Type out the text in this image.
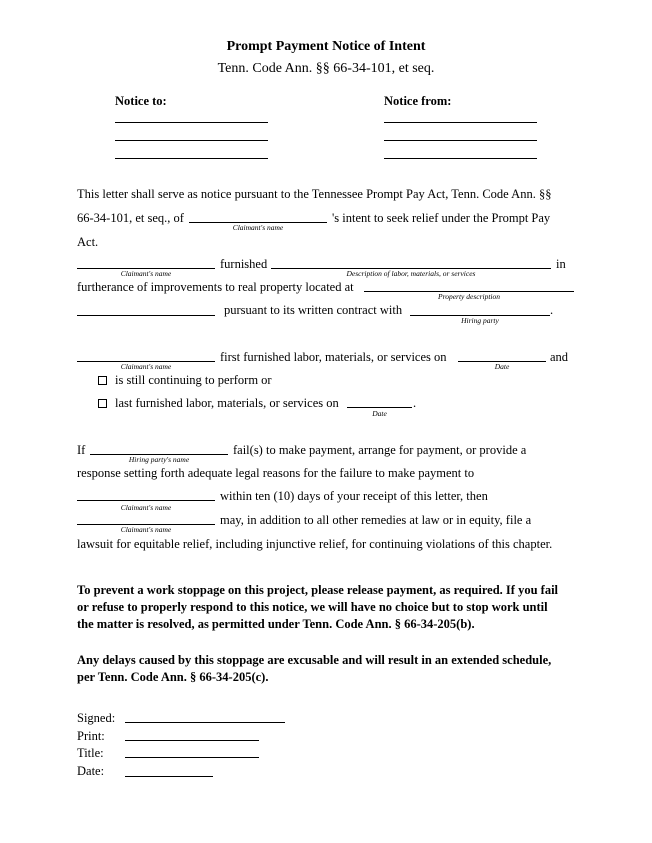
Prompt Payment Notice of Intent
Tenn. Code Ann. §§ 66-34-101, et seq.
Notice to:	Notice from:
This letter shall serve as notice pursuant to the Tennessee Prompt Pay Act, Tenn. Code Ann. §§
66-34-101, et seq., of
Claimant's name
's intent to seek relief under the Prompt Pay
Act.
Claimant's name
furnished
Description of labor, materials, or services
in
furtherance of improvements to real property located at
Property description
pursuant to its written contract with
Hiring party
.
Claimant's name
first furnished labor, materials, or services on
Date
and
is still continuing to perform or
last furnished labor, materials, or services on
Date
.
If
Hiring party's name
fail(s) to make payment, arrange for payment, or provide a
response setting forth adequate legal reasons for the failure to make payment to
Claimant's name
within ten (10) days of your receipt of this letter, then
Claimant's name
may, in addition to all other remedies at law or in equity, file a
lawsuit for equitable relief, including injunctive relief, for continuing violations of this chapter.
To prevent a work stoppage on this project, please release payment, as required. If you fail
or refuse to properly respond to this notice, we will have no choice but to stop work until
the matter is resolved, as permitted under Tenn. Code Ann. § 66-34-205(b).
Any delays caused by this stoppage are excusable and will result in an extended schedule,
per Tenn. Code Ann. § 66-34-205(c).
Signed:
Print:
Title:
Date:
